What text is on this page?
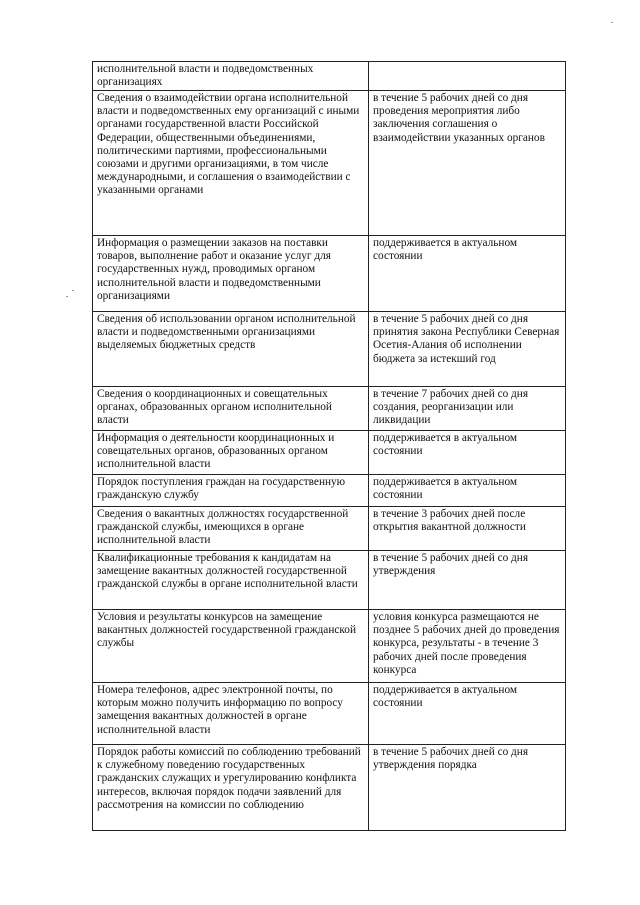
исполнительной власти и подведомственных организациях	
Сведения о взаимодействии органа исполнительной власти и подведомственных ему организаций с иными органами государственной власти Российской Федерации, общественными объединениями, политическими партиями, профессиональными союзами и другими организациями, в том числе международными, и соглашения о взаимодействии с указанными органами	в течение 5 рабочих дней со дня проведения мероприятия либо заключения соглашения о взаимодействии указанных органов
Информация о размещении заказов на поставки товаров, выполнение работ и оказание услуг для государственных нужд, проводимых органом исполнительной власти и подведомственными организациями	поддерживается в актуальном состоянии
Сведения об использовании органом исполнительной власти и подведомственными организациями выделяемых бюджетных средств	в течение 5 рабочих дней со дня принятия закона Республики Северная Осетия-Алания об исполнении бюджета за истекший год
Сведения о координационных и совещательных органах, образованных органом исполнительной власти	в течение 7 рабочих дней со дня создания, реорганизации или ликвидации
Информация о деятельности координационных и совещательных органов, образованных органом исполнительной власти	поддерживается в актуальном состоянии
Порядок поступления граждан на государственную гражданскую службу	поддерживается в актуальном состоянии
Сведения о вакантных должностях государственной гражданской службы, имеющихся в органе исполнительной власти	в течение 3 рабочих дней после открытия вакантной должности
Квалификационные требования к кандидатам на замещение вакантных должностей государственной гражданской службы в органе исполнительной власти	в течение 5 рабочих дней со дня утверждения
Условия и результаты конкурсов на замещение вакантных должностей государственной гражданской службы	условия конкурса размещаются не позднее 5 рабочих дней до проведения конкурса, результаты - в течение 3 рабочих дней после проведения конкурса
Номера телефонов, адрес электронной почты, по которым можно получить информацию по вопросу замещения вакантных должностей в органе исполнительной власти	поддерживается в актуальном состоянии
Порядок работы комиссий по соблюдению требований к служебному поведению государственных гражданских служащих и урегулированию конфликта интересов, включая порядок подачи заявлений для рассмотрения на комиссии по соблюдению	в течение 5 рабочих дней со дня утверждения порядка
